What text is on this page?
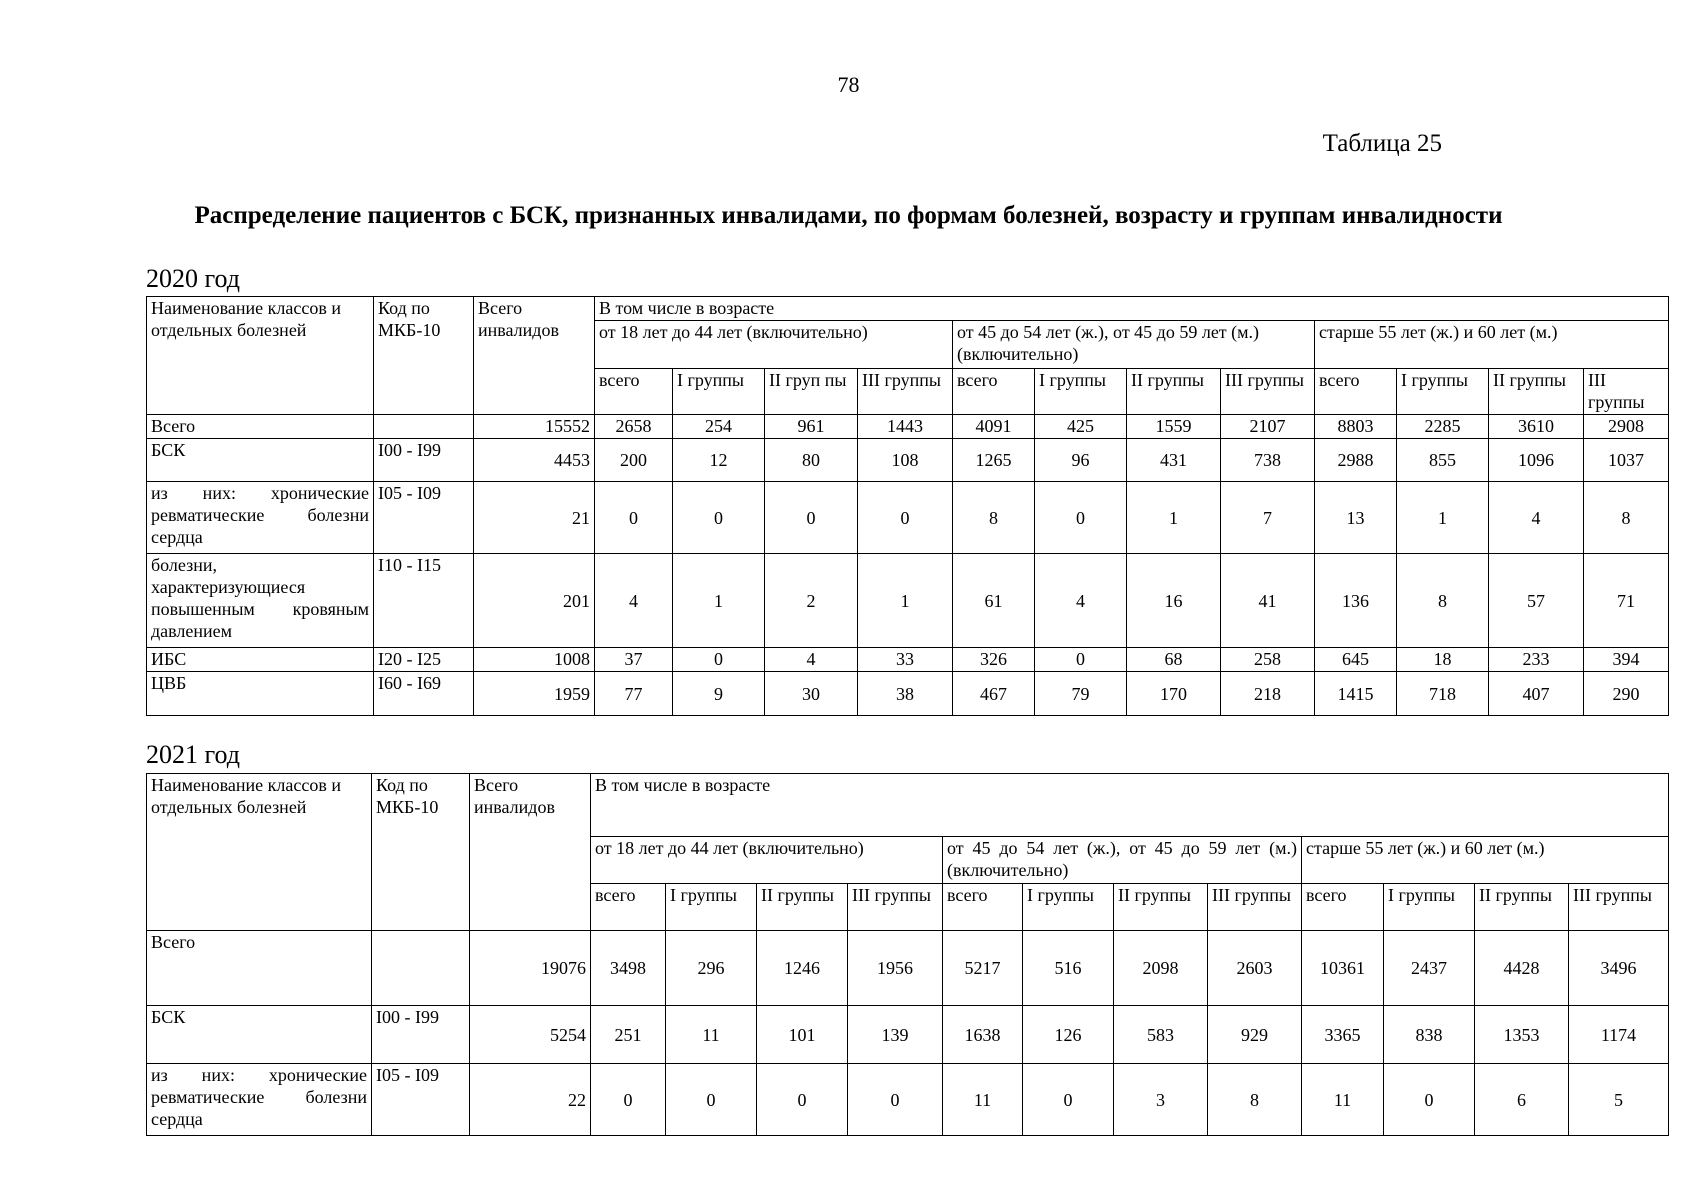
78
Таблица 25
Распределение пациентов с БСК, признанных инвалидами, по формам болезней, возрасту и группам инвалидности
2020 год
Наименование классов и отдельных болезней	Код по МКБ-10	Всего инвалидов	В том числе в возрасте											
			от 18 лет до 44 лет (включительно)				от 45 до 54 лет (ж.), от 45 до 59 лет (м.) (включительно)				старше 55 лет (ж.) и 60 лет (м.)			
			всего	I группы	II груп пы	III группы	всего	I группы	II группы	III группы	всего	I группы	II группы	III группы
Всего		15552	2658	254	961	1443	4091	425	1559	2107	8803	2285	3610	2908
БСК	I00 - I99	4453	200	12	80	108	1265	96	431	738	2988	855	1096	1037
из них: хронические ревматические болезни сердца	I05 - I09	21	0	0	0	0	8	0	1	7	13	1	4	8
болезни, характеризующиеся повышенным кровяным давлением	I10 - I15	201	4	1	2	1	61	4	16	41	136	8	57	71
ИБС	I20 - I25	1008	37	0	4	33	326	0	68	258	645	18	233	394
ЦВБ	I60 - I69	1959	77	9	30	38	467	79	170	218	1415	718	407	290
2021 год
Наименование классов и отдельных болезней	Код по МКБ-10	Всего инвалидов	В том числе в возрасте											
			от 18 лет до 44 лет (включительно)				от 45 до 54 лет (ж.), от 45 до 59 лет (м.) (включительно)				старше 55 лет (ж.) и 60 лет (м.)			
			всего	I группы	II группы	III группы	всего	I группы	II группы	III группы	всего	I группы	II группы	III группы
Всего		19076	3498	296	1246	1956	5217	516	2098	2603	10361	2437	4428	3496
БСК	I00 - I99	5254	251	11	101	139	1638	126	583	929	3365	838	1353	1174
из них: хронические ревматические болезни сердца	I05 - I09	22	0	0	0	0	11	0	3	8	11	0	6	5
